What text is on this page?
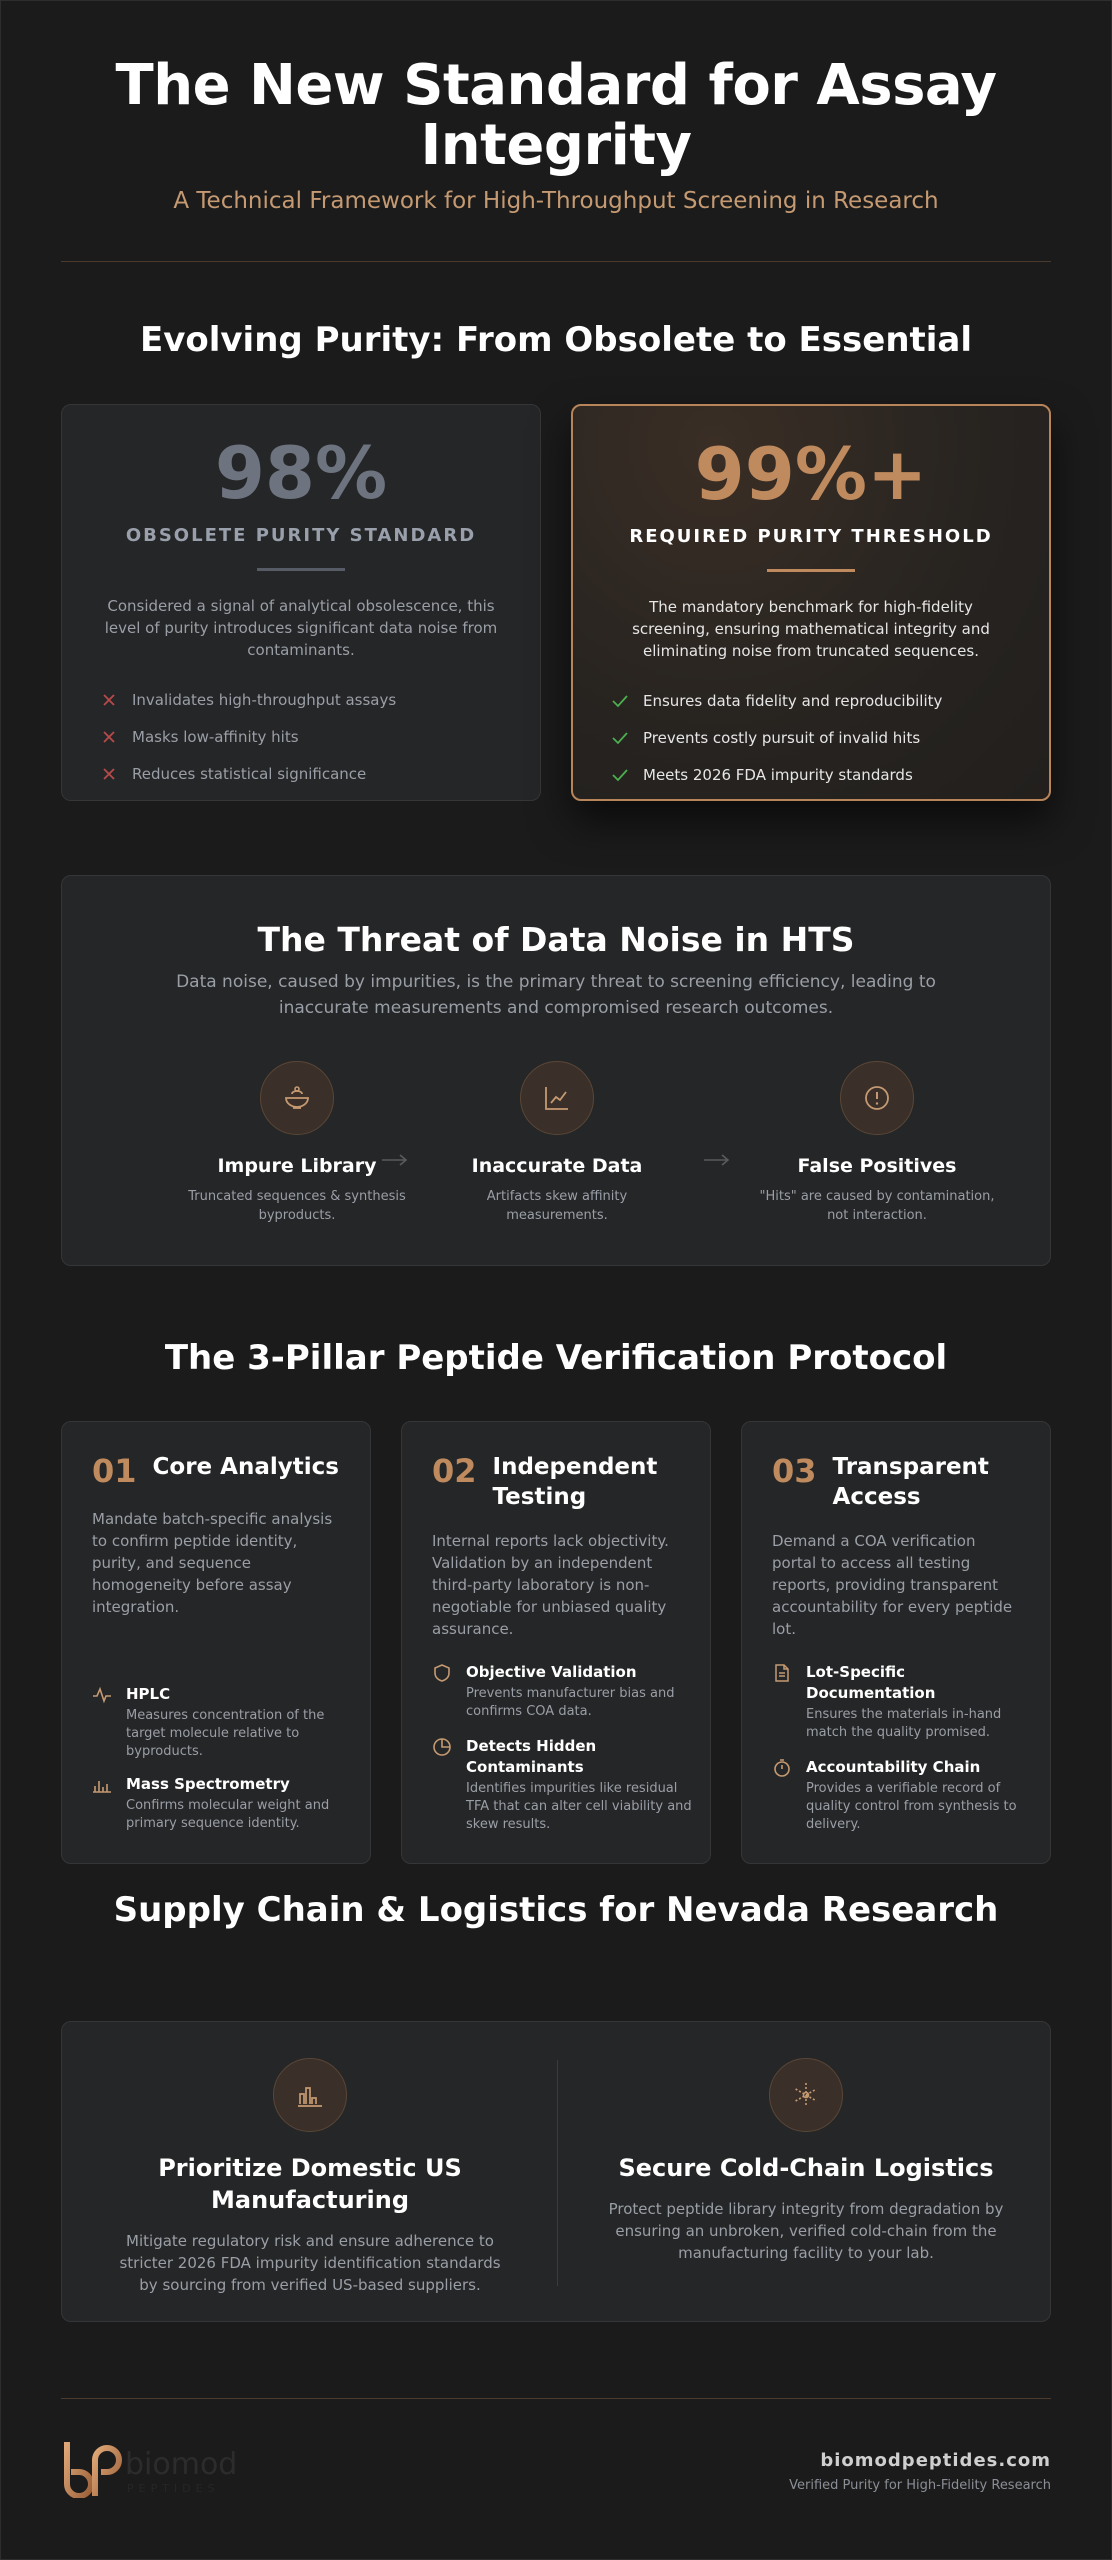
The New Standard for Assay
Integrity
A Technical Framework for High-Throughput Screening in Research
Evolving Purity: From Obsolete to Essential
98%
OBSOLETE PURITY STANDARD

Considered a signal of analytical obsolescence, this level of purity introduces significant data noise from contaminants.

Invalidates high-throughput assays
Masks low-affinity hits
Reduces statistical significance
99%+
REQUIRED PURITY THRESHOLD

The mandatory benchmark for high-fidelity screening, ensuring mathematical integrity and eliminating noise from truncated sequences.

Ensures data fidelity and reproducibility
Prevents costly pursuit of invalid hits
Meets 2026 FDA impurity standards
The Threat of Data Noise in HTS

Data noise, caused by impurities, is the primary threat to screening efficiency, leading to inaccurate measurements and compromised research outcomes.

Impure Library
Truncated sequences & synthesis byproducts.
Inaccurate Data
Artifacts skew affinity measurements.
False Positives
"Hits" are caused by contamination, not interaction.
The 3-Pillar Peptide Verification Protocol
01 Core Analytics

Mandate batch-specific analysis to confirm peptide identity, purity, and sequence homogeneity before assay integration.

HPLC
Measures concentration of the target molecule relative to byproducts.
Mass Spectrometry
Confirms molecular weight and primary sequence identity.
02 Independent Testing

Internal reports lack objectivity. Validation by an independent third-party laboratory is non-negotiable for unbiased quality assurance.

Objective Validation
Prevents manufacturer bias and confirms COA data.
Detects Hidden Contaminants
Identifies impurities like residual TFA that can alter cell viability and skew results.
03 Transparent Access

Demand a COA verification portal to access all testing reports, providing transparent accountability for every peptide lot.

Lot-Specific Documentation
Ensures the materials in-hand match the quality promised.
Accountability Chain
Provides a verifiable record of quality control from synthesis to delivery.
Supply Chain & Logistics for Nevada Research
Prioritize Domestic US Manufacturing
Mitigate regulatory risk and ensure adherence to stricter 2026 FDA impurity identification standards by sourcing from verified US-based suppliers.
Secure Cold-Chain Logistics
Protect peptide library integrity from degradation by ensuring an unbroken, verified cold-chain from the manufacturing facility to your lab.
biomod
PEPTIDES
biomodpeptides.com
Verified Purity for High-Fidelity Research
